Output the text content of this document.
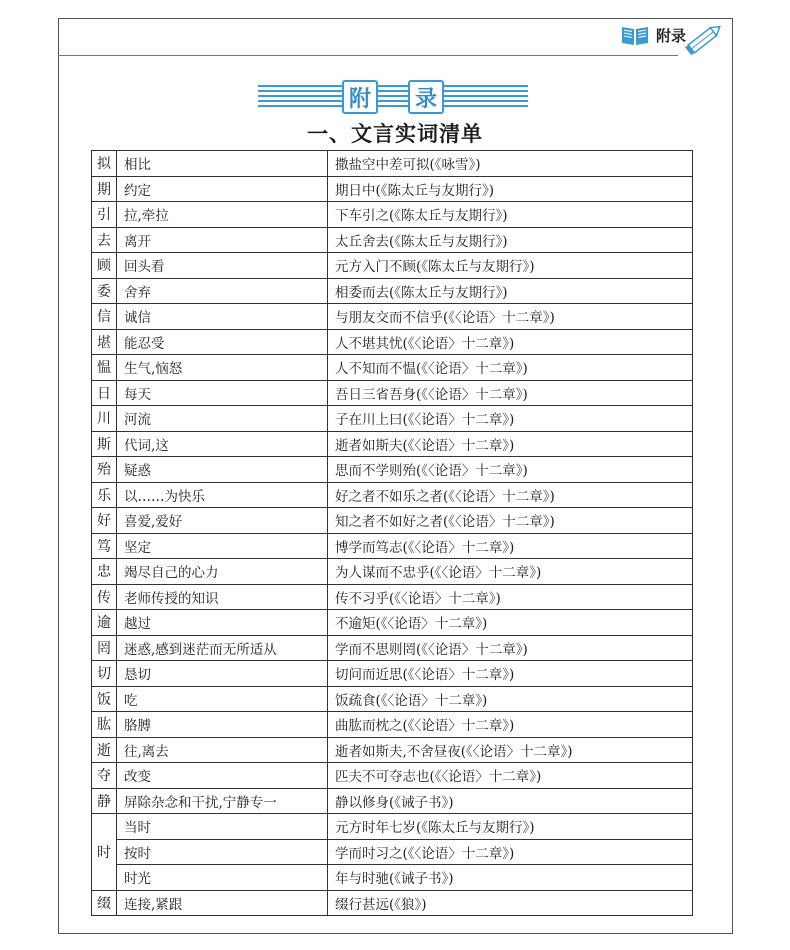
附录
附 录
一、文言实词清单
拟	相比	撒盐空中差可拟(《咏雪》)
期	约定	期日中(《陈太丘与友期行》)
引	拉,牵拉	下车引之(《陈太丘与友期行》)
去	离开	太丘舍去(《陈太丘与友期行》)
顾	回头看	元方入门不顾(《陈太丘与友期行》)
委	舍弃	相委而去(《陈太丘与友期行》)
信	诚信	与朋友交而不信乎(《〈论语〉十二章》)
堪	能忍受	人不堪其忧(《〈论语〉十二章》)
愠	生气,恼怒	人不知而不愠(《〈论语〉十二章》)
日	每天	吾日三省吾身(《〈论语〉十二章》)
川	河流	子在川上曰(《〈论语〉十二章》)
斯	代词,这	逝者如斯夫(《〈论语〉十二章》)
殆	疑惑	思而不学则殆(《〈论语〉十二章》)
乐	以……为快乐	好之者不如乐之者(《〈论语〉十二章》)
好	喜爱,爱好	知之者不如好之者(《〈论语〉十二章》)
笃	坚定	博学而笃志(《〈论语〉十二章》)
忠	竭尽自己的心力	为人谋而不忠乎(《〈论语〉十二章》)
传	老师传授的知识	传不习乎(《〈论语〉十二章》)
逾	越过	不逾矩(《〈论语〉十二章》)
罔	迷惑,感到迷茫而无所适从	学而不思则罔(《〈论语〉十二章》)
切	恳切	切问而近思(《〈论语〉十二章》)
饭	吃	饭疏食(《〈论语〉十二章》)
肱	胳膊	曲肱而枕之(《〈论语〉十二章》)
逝	往,离去	逝者如斯夫,不舍昼夜(《〈论语〉十二章》)
夺	改变	匹夫不可夺志也(《〈论语〉十二章》)
静	屏除杂念和干扰,宁静专一	静以修身(《诫子书》)
时	当时	元方时年七岁(《陈太丘与友期行》)
	按时	学而时习之(《〈论语〉十二章》)
	时光	年与时驰(《诫子书》)
缀	连接,紧跟	缀行甚远(《狼》)
